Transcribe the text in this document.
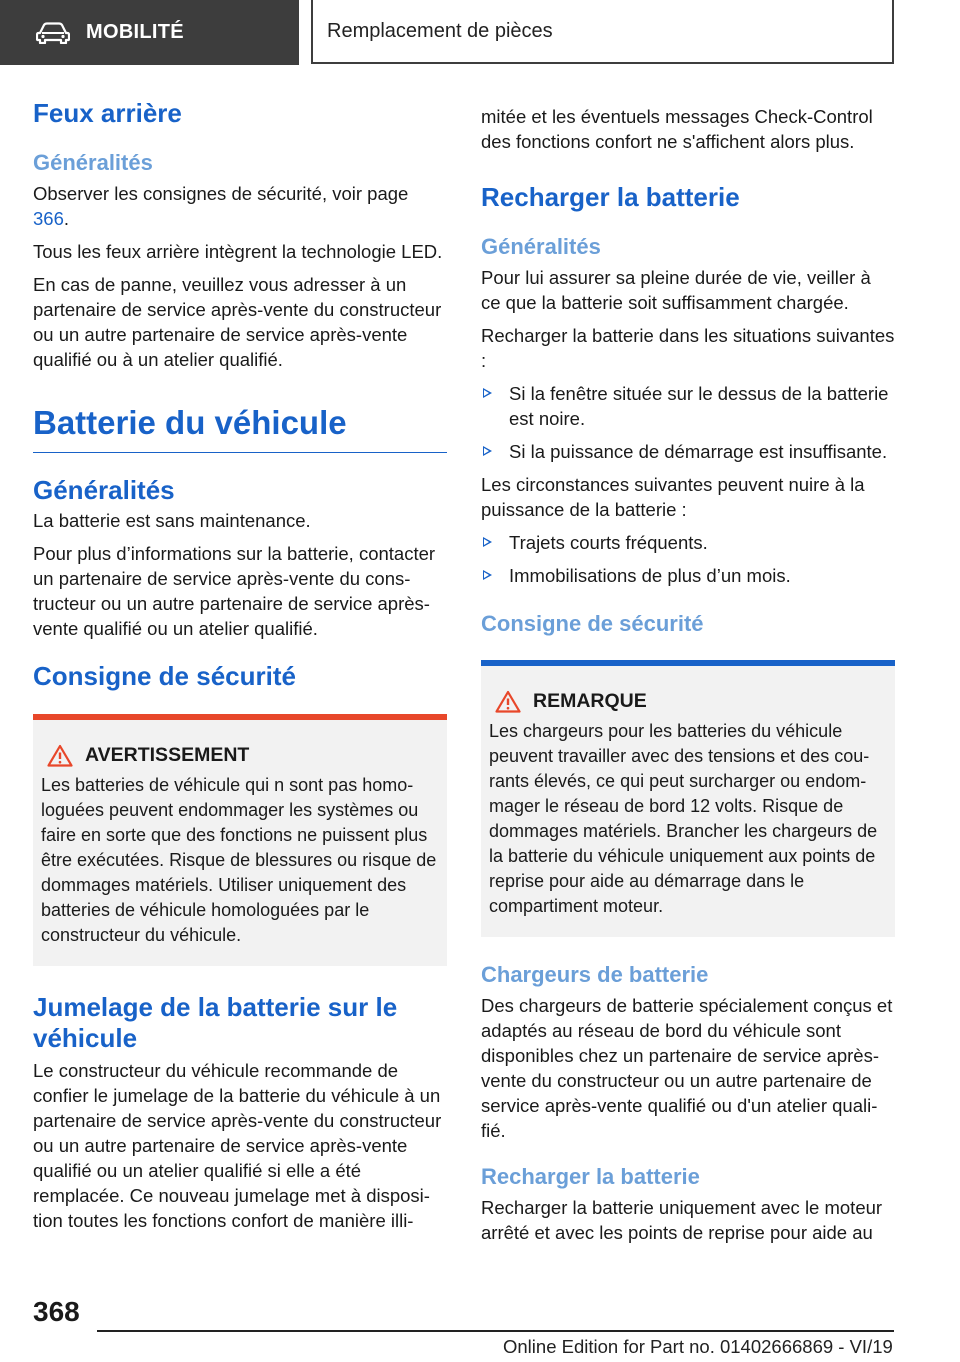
MOBILITÉ	Remplacement de pièces
Feux arrière
Généralités

Observer les consignes de sécurité, voir page 366.

Tous les feux arrière intègrent la technologie LED.

En cas de panne, veuillez vous adresser à un partenaire de service après-vente du constructeur ou un autre partenaire de service après-vente qualifié ou à un atelier qualifié.

Batterie du véhicule
Généralités

La batterie est sans maintenance.

Pour plus d’informations sur la batterie, contacter un partenaire de service après-vente du constructeur ou un autre partenaire de service après-vente qualifié ou un atelier qualifié.

Consigne de sécurité
AVERTISSEMENT

Les batteries de véhicule qui n sont pas homologuées peuvent endommager les systèmes ou faire en sorte que des fonctions ne puissent plus être exécutées. Risque de blessures ou risque de dommages matériels. Utiliser uniquement des batteries de véhicule homologuées par le constructeur du véhicule.

Jumelage de la batterie sur le véhicule

Le constructeur du véhicule recommande de confier le jumelage de la batterie du véhicule à un partenaire de service après-vente du constructeur ou un autre partenaire de service après-vente qualifié ou un atelier qualifié si elle a été remplacée. Ce nouveau jumelage met à disposition toutes les fonctions confort de manière illi-

mitée et les éventuels messages Check-Control des fonctions confort ne s'affichent alors plus.

Recharger la batterie
Généralités

Pour lui assurer sa pleine durée de vie, veiller à ce que la batterie soit suffisamment chargée.

Recharger la batterie dans les situations suivantes :

Si la fenêtre située sur le dessus de la batterie est noire.
Si la puissance de démarrage est insuffisante.

Les circonstances suivantes peuvent nuire à la puissance de la batterie :

Trajets courts fréquents.
Immobilisations de plus d’un mois.
Consigne de sécurité
REMARQUE

Les chargeurs pour les batteries du véhicule peuvent travailler avec des tensions et des courants élevés, ce qui peut surcharger ou endommager le réseau de bord 12 volts. Risque de dommages matériels. Brancher les chargeurs de la batterie du véhicule uniquement aux points de reprise pour aide au démarrage dans le compartiment moteur.

Chargeurs de batterie

Des chargeurs de batterie spécialement conçus et adaptés au réseau de bord du véhicule sont disponibles chez un partenaire de service après-vente du constructeur ou un autre partenaire de service après-vente qualifié ou d'un atelier qualifié.

Recharger la batterie

Recharger la batterie uniquement avec le moteur arrêté et avec les points de reprise pour aide au

368
Online Edition for Part no. 01402666869 - VI/19
